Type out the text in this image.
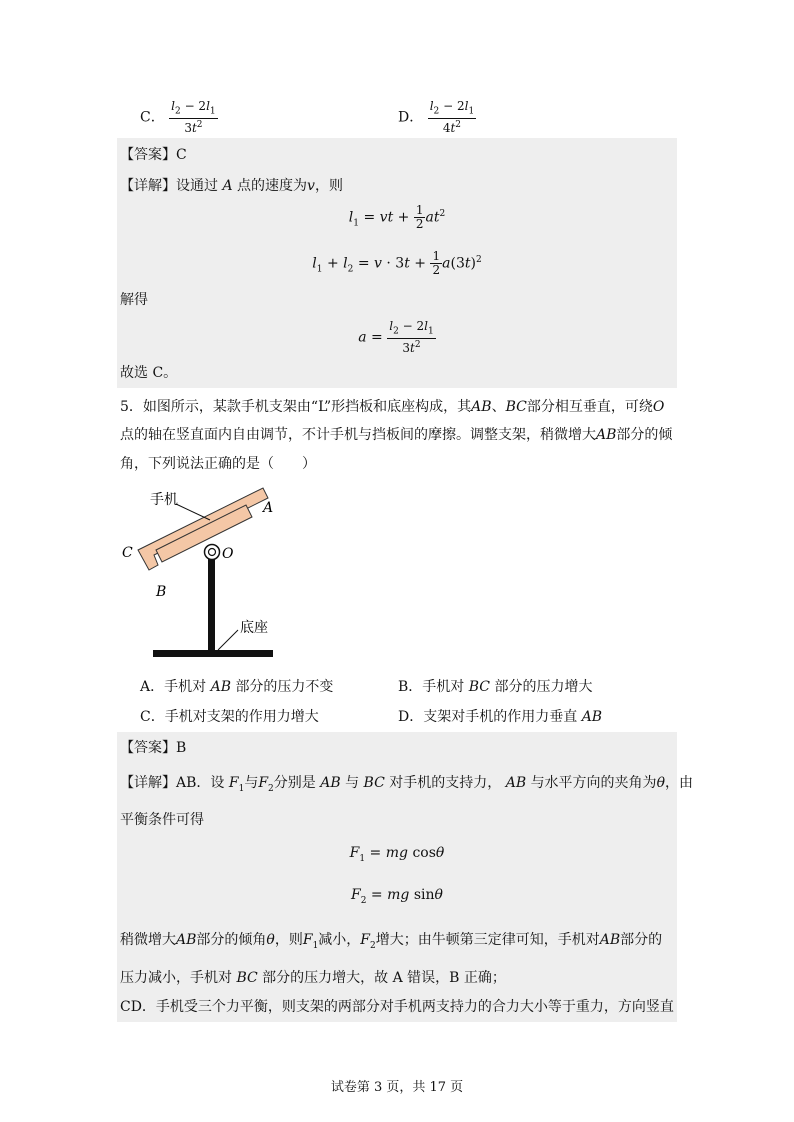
C． $\frac{l_2 - 2l_1}{3t^2}$	D． $\frac{l_2 - 2l_1}{4t^2}$
【答案】C
【详解】设通过 A 点的速度为v，则
$l_1$ = vt + $\frac{1}{2} at^2$
$l_1 + l_2 = v \cdot 3t + \frac{1}{2} a(3t)^2$
解得
$a = \frac{l_2 - 2l_1}{3t^2}$
故选 C。
5．如图所示，某款手机支架由“L”形挡板和底座构成，其AB、BC部分相互垂直，可绕O
点的轴在竖直面内自由调节，不计手机与挡板间的摩擦。调整支架，稍微增大AB部分的倾
角，下列说法正确的是（　　）
手机	A
C	O
B
底座
A．手机对 AB 部分的压力不变	B．手机对 BC 部分的压力增大
C．手机对支架的作用力增大	D．支架对手机的作用力垂直 AB
【答案】B
【详解】AB．设 $F_1$与$F_2$分别是 AB 与 BC 对手机的支持力， AB 与水平方向的夹角为θ，由
平衡条件可得
$F_1$ = mg cosθ
$F_2$ = mg sinθ
稍微增大AB部分的倾角θ，则$F_1$减小，$F_2$增大；由牛顿第三定律可知，手机对AB部分的
压力减小，手机对 BC 部分的压力增大，故 A 错误，B 正确；
CD．手机受三个力平衡，则支架的两部分对手机两支持力的合力大小等于重力，方向竖直
试卷第 3 页，共 17 页
